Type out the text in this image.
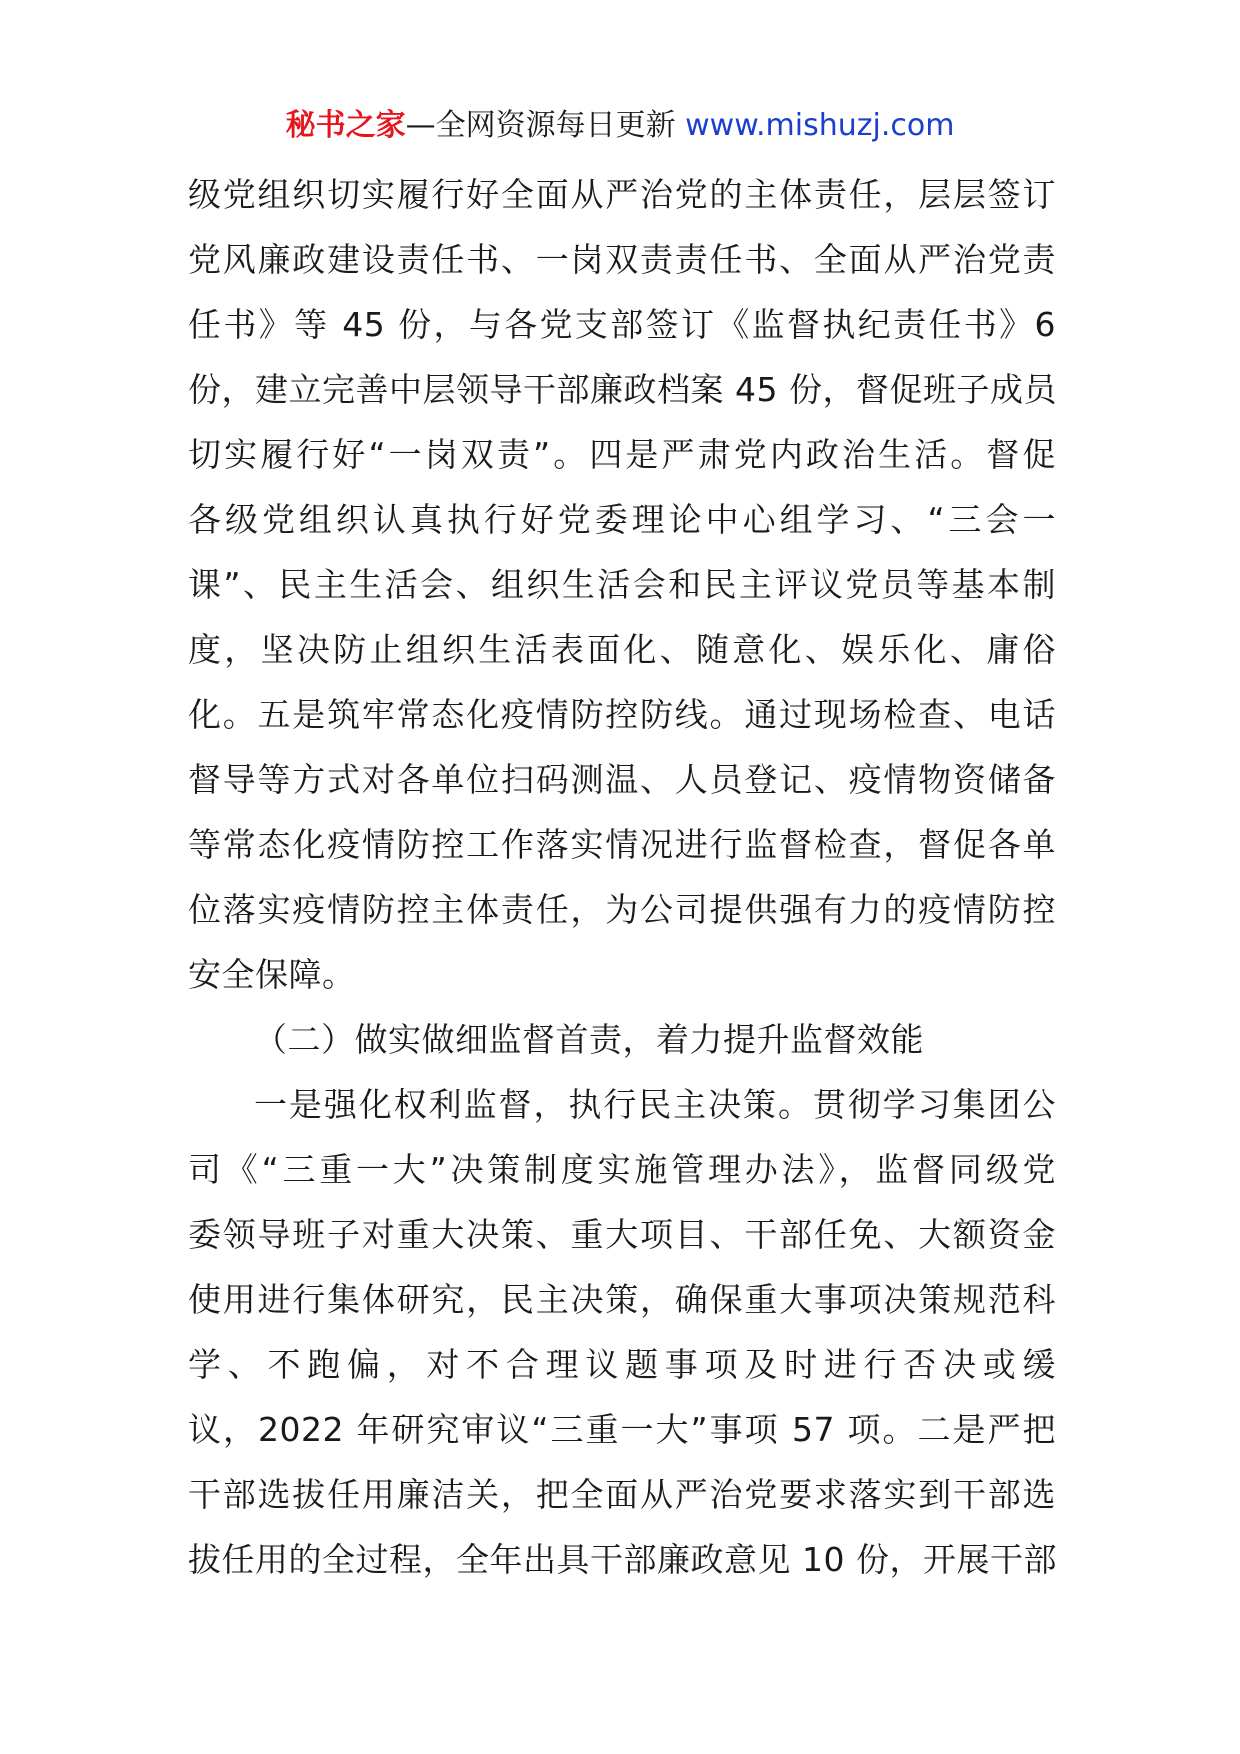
秘书之家—全网资源每日更新 www.mishuzj.com
级党组织切实履行好全面从严治党的主体责任，层层签订
党风廉政建设责任书、一岗双责责任书、全面从严治党责
任书》等 45 份，与各党支部签订《监督执纪责任书》6
份，建立完善中层领导干部廉政档案 45 份，督促班子成员
切实履行好“一岗双责”。四是严肃党内政治生活。督促
各级党组织认真执行好党委理论中心组学习、“三会一
课”、民主生活会、组织生活会和民主评议党员等基本制
度，坚决防止组织生活表面化、随意化、娱乐化、庸俗
化。五是筑牢常态化疫情防控防线。通过现场检查、电话
督导等方式对各单位扫码测温、人员登记、疫情物资储备
等常态化疫情防控工作落实情况进行监督检查，督促各单
位落实疫情防控主体责任，为公司提供强有力的疫情防控
安全保障。
（二）做实做细监督首责，着力提升监督效能
一是强化权利监督，执行民主决策。贯彻学习集团公
司《“三重一大”决策制度实施管理办法》，监督同级党
委领导班子对重大决策、重大项目、干部任免、大额资金
使用进行集体研究，民主决策，确保重大事项决策规范科
学、不跑偏，对不合理议题事项及时进行否决或缓
议，2022 年研究审议“三重一大”事项 57 项。二是严把
干部选拔任用廉洁关，把全面从严治党要求落实到干部选
拔任用的全过程，全年出具干部廉政意见 10 份，开展干部
